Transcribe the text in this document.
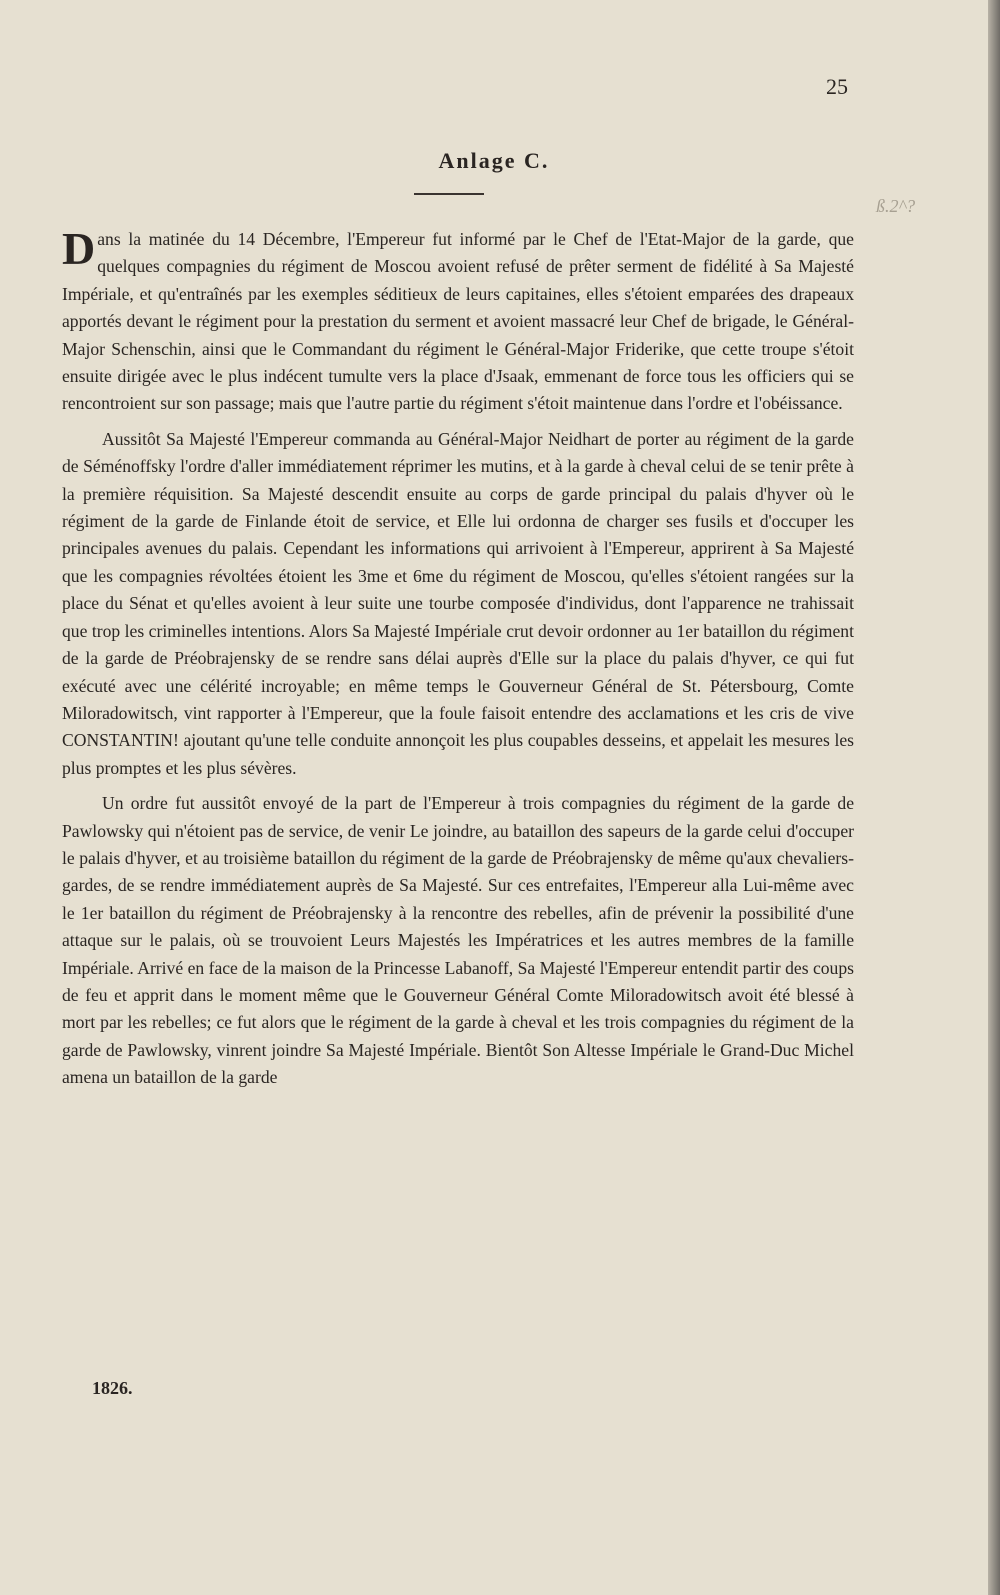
25
Anlage C.
ß.2^?

Dans la matinée du 14 Décembre, l'Empereur fut informé par le Chef de l'Etat-Major de la garde, que quelques compagnies du régiment de Moscou avoient refusé de prêter serment de fidélité à Sa Majesté Impériale, et qu'entraînés par les exemples séditieux de leurs capitaines, elles s'étoient emparées des drapeaux apportés devant le régiment pour la prestation du serment et avoient massacré leur Chef de brigade, le Général-Major Schenschin, ainsi que le Commandant du régiment le Général-Major Friderike, que cette troupe s'étoit ensuite dirigée avec le plus indécent tumulte vers la place d'Jsaak, emmenant de force tous les officiers qui se rencontroient sur son passage; mais que l'autre partie du régiment s'étoit maintenue dans l'ordre et l'obéissance.

Aussitôt Sa Majesté l'Empereur commanda au Général-Major Neidhart de porter au régiment de la garde de Séménoffsky l'ordre d'aller immédiatement réprimer les mutins, et à la garde à cheval celui de se tenir prête à la première réquisition. Sa Majesté descendit ensuite au corps de garde principal du palais d'hyver où le régiment de la garde de Finlande étoit de service, et Elle lui ordonna de charger ses fusils et d'occuper les principales avenues du palais. Cependant les informations qui arrivoient à l'Empereur, apprirent à Sa Majesté que les compagnies révoltées étoient les 3me et 6me du régiment de Moscou, qu'elles s'étoient rangées sur la place du Sénat et qu'elles avoient à leur suite une tourbe composée d'individus, dont l'apparence ne trahissait que trop les criminelles intentions. Alors Sa Majesté Impériale crut devoir ordonner au 1er bataillon du régiment de la garde de Préobrajensky de se rendre sans délai auprès d'Elle sur la place du palais d'hyver, ce qui fut exécuté avec une célérité incroyable; en même temps le Gouverneur Général de St. Pétersbourg, Comte Miloradowitsch, vint rapporter à l'Empereur, que la foule faisoit entendre des acclamations et les cris de vive CONSTANTIN! ajoutant qu'une telle conduite annonçoit les plus coupables desseins, et appelait les mesures les plus promptes et les plus sévères.

Un ordre fut aussitôt envoyé de la part de l'Empereur à trois compagnies du régiment de la garde de Pawlowsky qui n'étoient pas de service, de venir Le joindre, au bataillon des sapeurs de la garde celui d'occuper le palais d'hyver, et au troisième bataillon du régiment de la garde de Préobrajensky de même qu'aux chevaliers-gardes, de se rendre immédiatement auprès de Sa Majesté. Sur ces entrefaites, l'Empereur alla Lui-même avec le 1er bataillon du régiment de Préobrajensky à la rencontre des rebelles, afin de prévenir la possibilité d'une attaque sur le palais, où se trouvoient Leurs Majestés les Impératrices et les autres membres de la famille Impériale. Arrivé en face de la maison de la Princesse Labanoff, Sa Majesté l'Empereur entendit partir des coups de feu et apprit dans le moment même que le Gouverneur Général Comte Miloradowitsch avoit été blessé à mort par les rebelles; ce fut alors que le régiment de la garde à cheval et les trois compagnies du régiment de la garde de Pawlowsky, vinrent joindre Sa Majesté Impériale. Bientôt Son Altesse Impériale le Grand-Duc Michel amena un bataillon de la garde

1826.
